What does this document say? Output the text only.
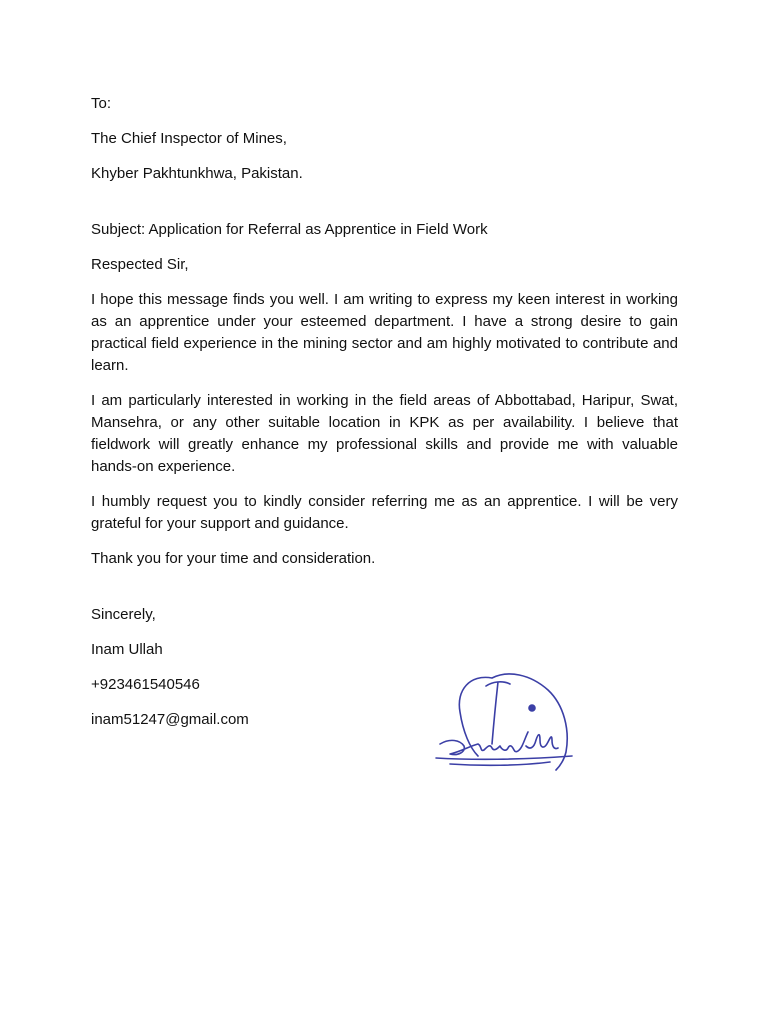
To:

The Chief Inspector of Mines,

Khyber Pakhtunkhwa, Pakistan.

Subject: Application for Referral as Apprentice in Field Work

Respected Sir,

I hope this message finds you well. I am writing to express my keen interest in working as an apprentice under your esteemed department. I have a strong desire to gain practical field experience in the mining sector and am highly motivated to contribute and learn.

I am particularly interested in working in the field areas of Abbottabad, Haripur, Swat, Mansehra, or any other suitable location in KPK as per availability. I believe that fieldwork will greatly enhance my professional skills and provide me with valuable hands-on experience.

I humbly request you to kindly consider referring me as an apprentice. I will be very grateful for your support and guidance.

Thank you for your time and consideration.

Sincerely,

Inam Ullah

+923461540546

inam51247@gmail.com
